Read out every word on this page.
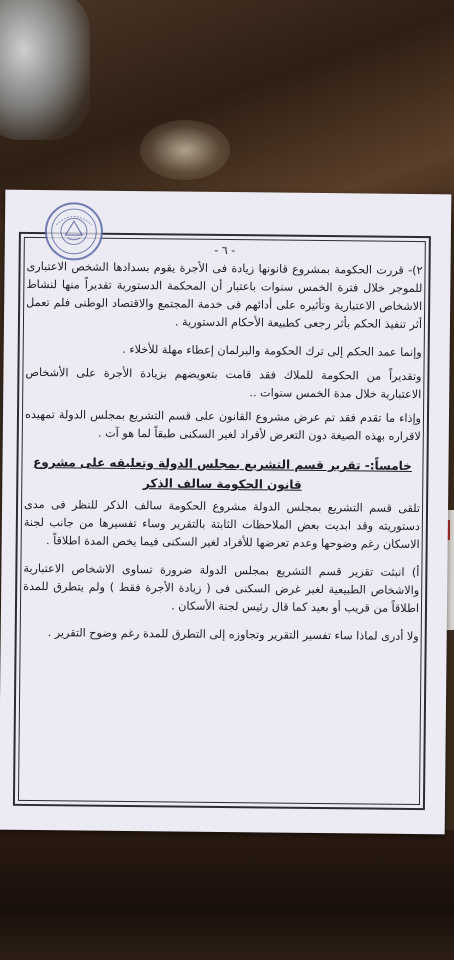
- ٦ -

٢)- قررت الحكومة بمشروع قانونها زيادة فى الأجرة يقوم بسدادها الشخص الاعتبارى للموجر خلال فترة الخمس سنوات باعتبار أن المحكمة الدستورية تقديراً منها لنشاط الاشخاص الاعتبارية وتأثيره على أدائهم فى خدمة المجتمع والاقتصاد الوطنى فلم تعمل أثر تنفيذ الحكم بأثر رجعى كطبيعة الأحكام الدستورية .

وإنما عمد الحكم إلى ترك الحكومة والبرلمان إعطاء مهلة للأخلاء .

وتقديراً من الحكومة للملاك فقد قامت بتعويضهم بزيادة الأجرة على الأشخاص الاعتبارية خلال مدة الخمس سنوات ..

وإذاء ما تقدم فقد تم عرض مشروع القانون على قسم التشريع بمجلس الدولة تمهيده لاقراره بهذه الصيغة دون التعرض لأفراد لغير السكنى طبقاً لما هو آت .

خامساً:- تقرير قسم التشريع بمجلس الدولة وتعليقه على مشروع
قانون الحكومة سالف الذكر

تلقى قسم التشريع بمجلس الدولة مشروع الحكومة سالف الذكر للنظر فى مدى دستوريته وقد ابديت بعض الملاحظات الثابتة بالتقرير وساء تفسيرها من جانب لجنة الاسكان رغم وضوحها وعدم تعرضها للأفراد لغير السكنى فيما يخص المدة اطلاقاً .

أ) انبثت تقرير قسم التشريع بمجلس الدولة ضرورة تساوى الاشخاص الاعتبارية والاشخاص الطبيعية لغير غرض السكنى فى ( زيادة الأجرة فقط ) ولم يتطرق للمدة اطلاقاً من قريب أو بعيد كما قال رئيس لجنة الأسكان .

ولا أدرى لماذا ساء تفسير التقرير وتجاوزه إلى التطرق للمدة رغم وضوح التقرير .
